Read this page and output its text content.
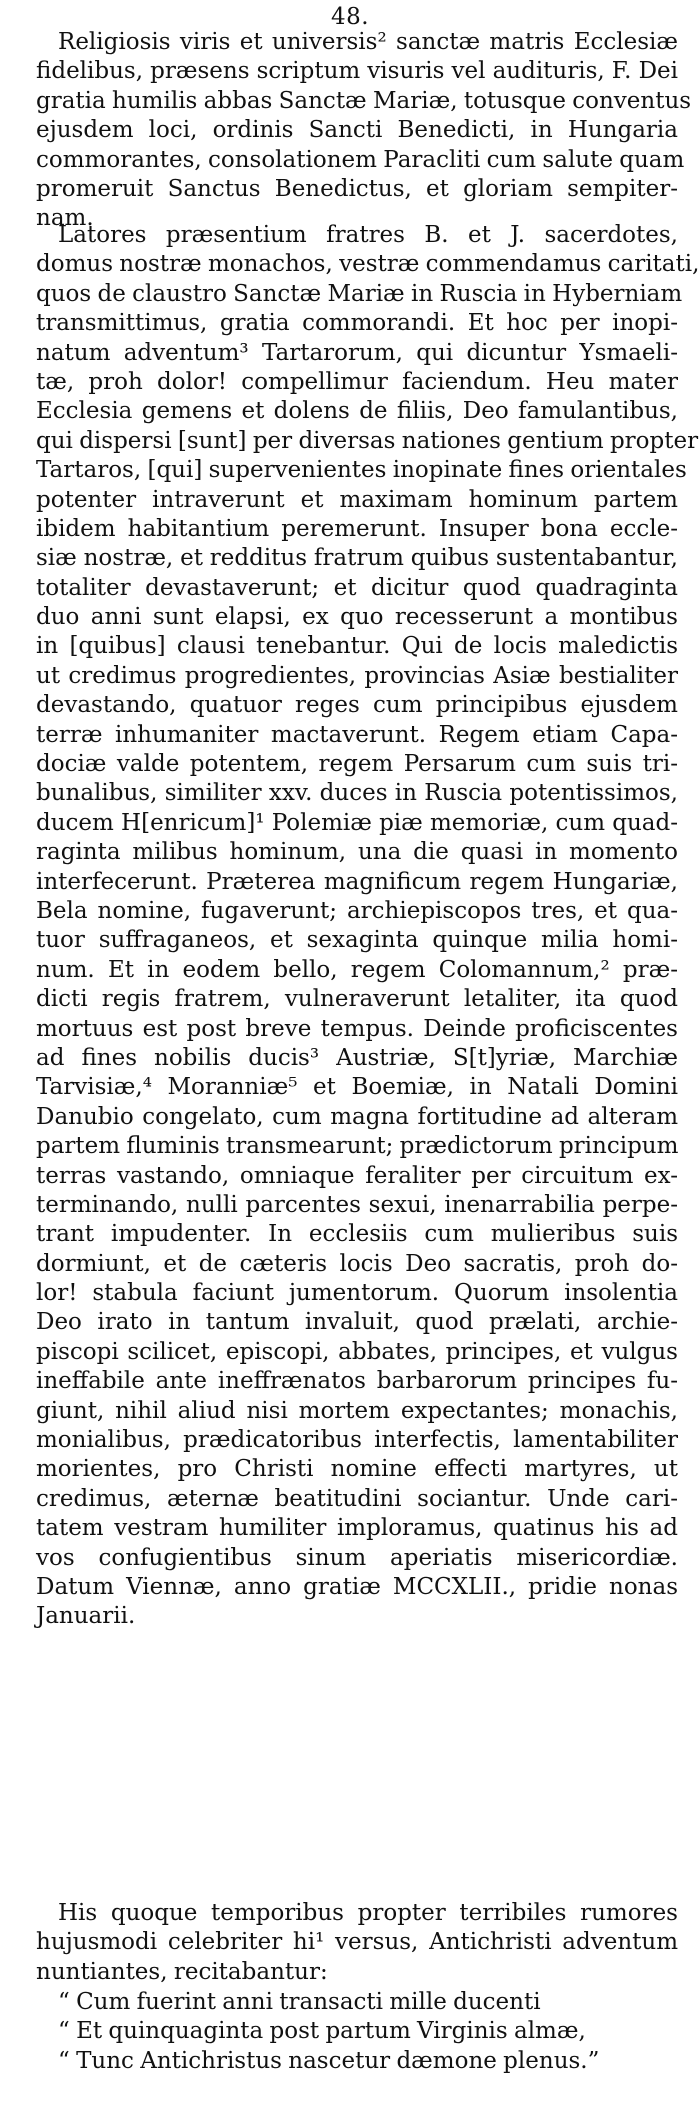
48.
Religiosis viris et universis² sanctæ matris Ecclesiæ
fidelibus, præsens scriptum visuris vel audituris, F. Dei
gratia humilis abbas Sanctæ Mariæ, totusque conventus
ejusdem loci, ordinis Sancti Benedicti, in Hungaria
commorantes, consolationem Paracliti cum salute quam
promeruit Sanctus Benedictus, et gloriam sempiter-
nam.
Latores præsentium fratres B. et J. sacerdotes,
domus nostræ monachos, vestræ commendamus caritati,
quos de claustro Sanctæ Mariæ in Ruscia in Hyberniam
transmittimus, gratia commorandi. Et hoc per inopi-
natum adventum³ Tartarorum, qui dicuntur Ysmaeli-
tæ, proh dolor! compellimur faciendum. Heu mater
Ecclesia gemens et dolens de filiis, Deo famulantibus,
qui dispersi [sunt] per diversas nationes gentium propter
Tartaros, [qui] supervenientes inopinate fines orientales
potenter intraverunt et maximam hominum partem
ibidem habitantium peremerunt. Insuper bona eccle-
siæ nostræ, et redditus fratrum quibus sustentabantur,
totaliter devastaverunt; et dicitur quod quadraginta
duo anni sunt elapsi, ex quo recesserunt a montibus
in [quibus] clausi tenebantur. Qui de locis maledictis
ut credimus progredientes, provincias Asiæ bestialiter
devastando, quatuor reges cum principibus ejusdem
terræ inhumaniter mactaverunt. Regem etiam Capa-
dociæ valde potentem, regem Persarum cum suis tri-
bunalibus, similiter xxv. duces in Ruscia potentissimos,
ducem H[enricum]¹ Polemiæ piæ memoriæ, cum quad-
raginta milibus hominum, una die quasi in momento
interfecerunt. Præterea magnificum regem Hungariæ,
Bela nomine, fugaverunt; archiepiscopos tres, et qua-
tuor suffraganeos, et sexaginta quinque milia homi-
num. Et in eodem bello, regem Colomannum,² præ-
dicti regis fratrem, vulneraverunt letaliter, ita quod
mortuus est post breve tempus. Deinde proficiscentes
ad fines nobilis ducis³ Austriæ, S[t]yriæ, Marchiæ
Tarvisiæ,⁴ Moranniæ⁵ et Boemiæ, in Natali Domini
Danubio congelato, cum magna fortitudine ad alteram
partem fluminis transmearunt; prædictorum principum
terras vastando, omniaque feraliter per circuitum ex-
terminando, nulli parcentes sexui, inenarrabilia perpe-
trant impudenter. In ecclesiis cum mulieribus suis
dormiunt, et de cæteris locis Deo sacratis, proh do-
lor! stabula faciunt jumentorum. Quorum insolentia
Deo irato in tantum invaluit, quod prælati, archie-
piscopi scilicet, episcopi, abbates, principes, et vulgus
ineffabile ante ineffrænatos barbarorum principes fu-
giunt, nihil aliud nisi mortem expectantes; monachis,
monialibus, prædicatoribus interfectis, lamentabiliter
morientes, pro Christi nomine effecti martyres, ut
credimus, æternæ beatitudini sociantur. Unde cari-
tatem vestram humiliter imploramus, quatinus his ad
vos confugientibus sinum aperiatis misericordiæ.
Datum Viennæ, anno gratiæ MCCXLII., pridie nonas
Januarii.
His quoque temporibus propter terribiles rumores
hujusmodi celebriter hi¹ versus, Antichristi adventum
nuntiantes, recitabantur:
“ Cum fuerint anni transacti mille ducenti
“ Et quinquaginta post partum Virginis almæ,
“ Tunc Antichristus nascetur dæmone plenus.”
